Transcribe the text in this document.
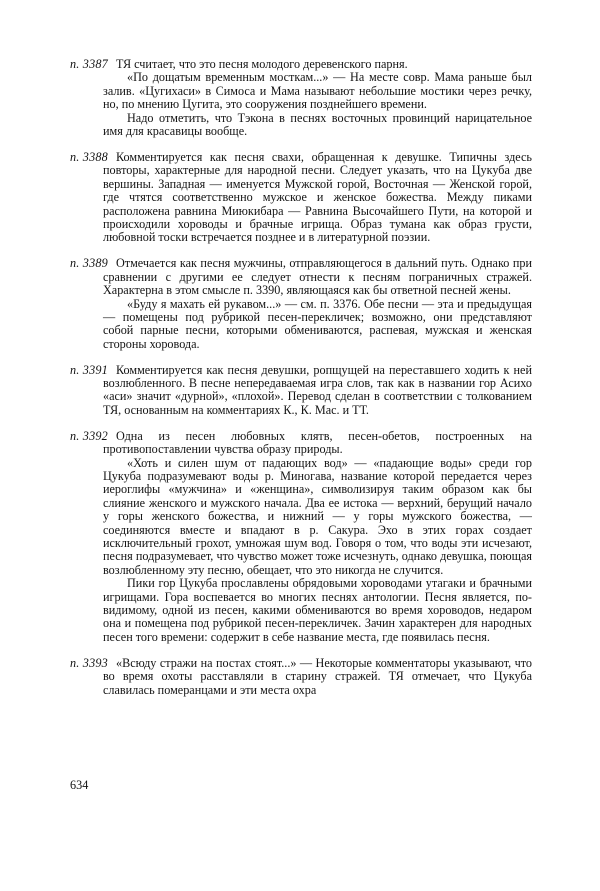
п. 3387 ТЯ считает, что это песня молодого деревенского парня.

«По дощатым временным мосткам...» — На месте совр. Мама раньше был залив. «Цугихаси» в Симоса и Мама называют небольшие мостики через речку, но, по мнению Цугита, это сооружения позднейшего времени.

Надо отметить, что Тэкона в песнях восточных провинций нарицательное имя для красавицы вообще.

п. 3388 Комментируется как песня свахи, обращенная к девушке. Типичны здесь повторы, характерные для народной песни. Следует указать, что на Цукуба две вершины. Западная — именуется Мужской горой, Восточная — Женской горой, где чтятся соответственно мужское и женское божества. Между пиками расположена равнина Миюкибара — Равнина Высочайшего Пути, на которой и происходили хороводы и брачные игрища. Образ тумана как образ грусти, любовной тоски встречается позднее и в литературной поэзии.

п. 3389 Отмечается как песня мужчины, отправляющегося в дальний путь. Однако при сравнении с другими ее следует отнести к песням пограничных стражей. Характерна в этом смысле п. 3390, являющаяся как бы ответной песней жены.

«Буду я махать ей рукавом...» — см. п. 3376. Обе песни — эта и предыдущая — помещены под рубрикой песен-перекличек; возможно, они представляют собой парные песни, которыми обмениваются, распевая, мужская и женская стороны хоровода.

п. 3391 Комментируется как песня девушки, ропщущей на переставшего ходить к ней возлюбленного. В песне непередаваемая игра слов, так как в названии гор Асихо «аси» значит «дурной», «плохой». Перевод сделан в соответствии с толкованием ТЯ, основанным на комментариях К., К. Мас. и ТТ.

п. 3392 Одна из песен любовных клятв, песен-обетов, построенных на противопоставлении чувства образу природы.

«Хоть и силен шум от падающих вод» — «падающие воды» среди гор Цукуба подразумевают воды р. Миногава, название которой передается через иероглифы «мужчина» и «женщина», символизируя таким образом как бы слияние женского и мужского начала. Два ее истока — верхний, берущий начало у горы женского божества, и нижний — у горы мужского божества, — соединяются вместе и впадают в р. Сакура. Эхо в этих горах создает исключительный грохот, умножая шум вод. Говоря о том, что воды эти исчезают, песня подразумевает, что чувство может тоже исчезнуть, однако девушка, поющая возлюбленному эту песню, обещает, что это никогда не случится.

Пики гор Цукуба прославлены обрядовыми хороводами утагаки и брачными игрищами. Гора воспевается во многих песнях антологии. Песня является, по-видимому, одной из песен, какими обмениваются во время хороводов, недаром она и помещена под рубрикой песен-перекличек. Зачин характерен для народных песен того времени: содержит в себе название места, где появилась песня.

п. 3393 «Всюду стражи на постах стоят...» — Некоторые комментаторы указывают, что во время охоты расставляли в старину стражей. ТЯ отмечает, что Цукуба славилась померанцами и эти места охра

634
